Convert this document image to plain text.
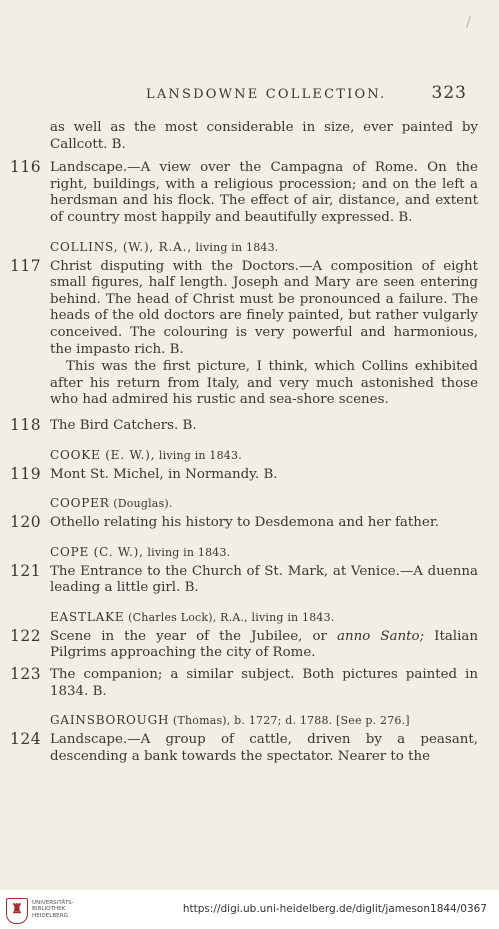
LANSDOWNE COLLECTION.	323

as well as the most considerable in size, ever painted by Callcott. B.

116 Landscape.—A view over the Campagna of Rome. On the right, buildings, with a religious procession; and on the left a herdsman and his flock. The effect of air, distance, and extent of country most happily and beautifully expressed. B.

COLLINS, (W.), R.A., living in 1843.
117 Christ disputing with the Doctors.—A composition of eight small figures, half length. Joseph and Mary are seen entering behind. The head of Christ must be pronounced a failure. The heads of the old doctors are finely painted, but rather vulgarly conceived. The colouring is very powerful and harmonious, the impasto rich. B.

This was the first picture, I think, which Collins exhibited after his return from Italy, and very much astonished those who had admired his rustic and sea-shore scenes.

118 The Bird Catchers. B.

COOKE (E. W.), living in 1843.
119 Mont St. Michel, in Normandy. B.

COOPER (Douglas).
120 Othello relating his history to Desdemona and her father.

COPE (C. W.), living in 1843.
121 The Entrance to the Church of St. Mark, at Venice.—A duenna leading a little girl. B.

EASTLAKE (Charles Lock), R.A., living in 1843.
122 Scene in the year of the Jubilee, or anno Santo; Italian Pilgrims approaching the city of Rome.

123 The companion; a similar subject. Both pictures painted in 1834. B.

GAINSBOROUGH (Thomas), b. 1727; d. 1788. [See p. 276.]
124 Landscape.—A group of cattle, driven by a peasant, descending a bank towards the spectator. Nearer to the

♜	UNIVERSITÄTS-
BIBLIOTHEK
HEIDELBERG
https://digi.ub.uni-heidelberg.de/diglit/jameson1844/0367
